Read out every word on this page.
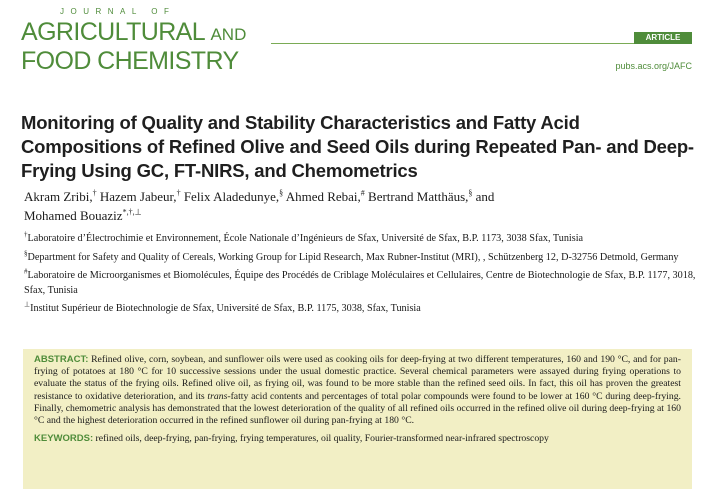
JOURNAL OF
AGRICULTURAL AND
FOOD CHEMISTRY
ARTICLE
pubs.acs.org/JAFC
Monitoring of Quality and Stability Characteristics and Fatty Acid Compositions of Refined Olive and Seed Oils during Repeated Pan- and Deep-Frying Using GC, FT-NIRS, and Chemometrics
Akram Zribi,† Hazem Jabeur,† Felix Aladedunye,§ Ahmed Rebai,# Bertrand Matthäus,§ and
Mohamed Bouaziz*,†,⊥
†Laboratoire d’Électrochimie et Environnement, École Nationale d’Ingénieurs de Sfax, Université de Sfax, B.P. 1173, 3038 Sfax, Tunisia
§Department for Safety and Quality of Cereals, Working Group for Lipid Research, Max Rubner-Institut (MRI), , Schützenberg 12, D-32756 Detmold, Germany
#Laboratoire de Microorganismes et Biomolécules, Équipe des Procédés de Criblage Moléculaires et Cellulaires, Centre de Biotechnologie de Sfax, B.P. 1177, 3018, Sfax, Tunisia
⊥Institut Supérieur de Biotechnologie de Sfax, Université de Sfax, B.P. 1175, 3038, Sfax, Tunisia
ABSTRACT: Refined olive, corn, soybean, and sunflower oils were used as cooking oils for deep-frying at two different temperatures, 160 and 190 °C, and for pan-frying of potatoes at 180 °C for 10 successive sessions under the usual domestic practice. Several chemical parameters were assayed during frying operations to evaluate the status of the frying oils. Refined olive oil, as frying oil, was found to be more stable than the refined seed oils. In fact, this oil has proven the greatest resistance to oxidative deterioration, and its trans-fatty acid contents and percentages of total polar compounds were found to be lower at 160 °C during deep-frying. Finally, chemometric analysis has demonstrated that the lowest deterioration of the quality of all refined oils occurred in the refined olive oil during deep-frying at 160 °C and the highest deterioration occurred in the refined sunflower oil during pan-frying at 180 °C.
KEYWORDS: refined oils, deep-frying, pan-frying, frying temperatures, oil quality, Fourier-transformed near-infrared spectroscopy
